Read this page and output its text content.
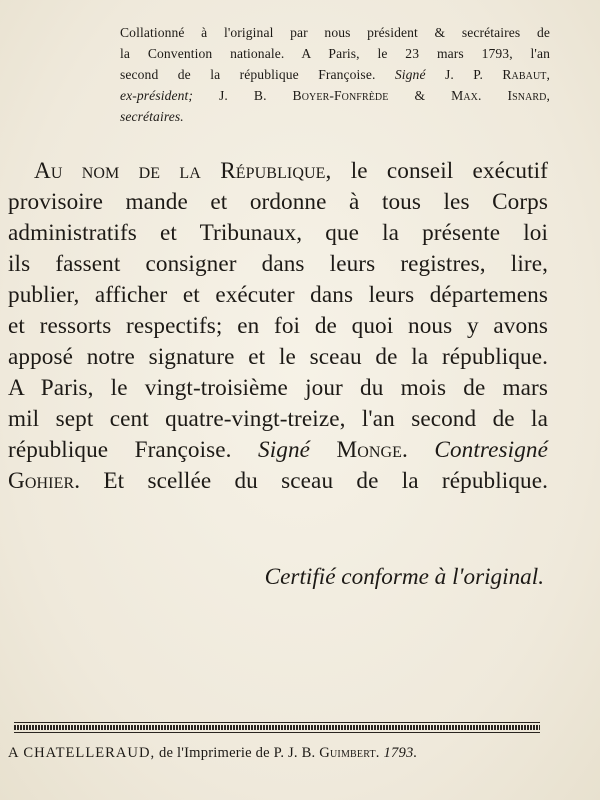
Collationné à l'original par nous président & secrétaires de
la Convention nationale. A Paris, le 23 mars 1793, l'an
second de la république Françoise. Signé J. P. Rabaut,
ex-président; J. B. Boyer-Fonfrède & Max. Isnard,
secrétaires.
Au nom de la République, le conseil exécutif
provisoire mande et ordonne à tous les Corps
administratifs et Tribunaux, que la présente loi
ils fassent consigner dans leurs registres, lire,
publier, afficher et exécuter dans leurs départemens
et ressorts respectifs; en foi de quoi nous y avons
apposé notre signature et le sceau de la république.
A Paris, le vingt-troisième jour du mois de mars
mil sept cent quatre-vingt-treize, l'an second de la
république Françoise. Signé Monge. Contresigné
Gohier. Et scellée du sceau de la république.
Certifié conforme à l'original.
A CHATELLERAUD, de l'Imprimerie de P. J. B. Guimbert. 1793.
